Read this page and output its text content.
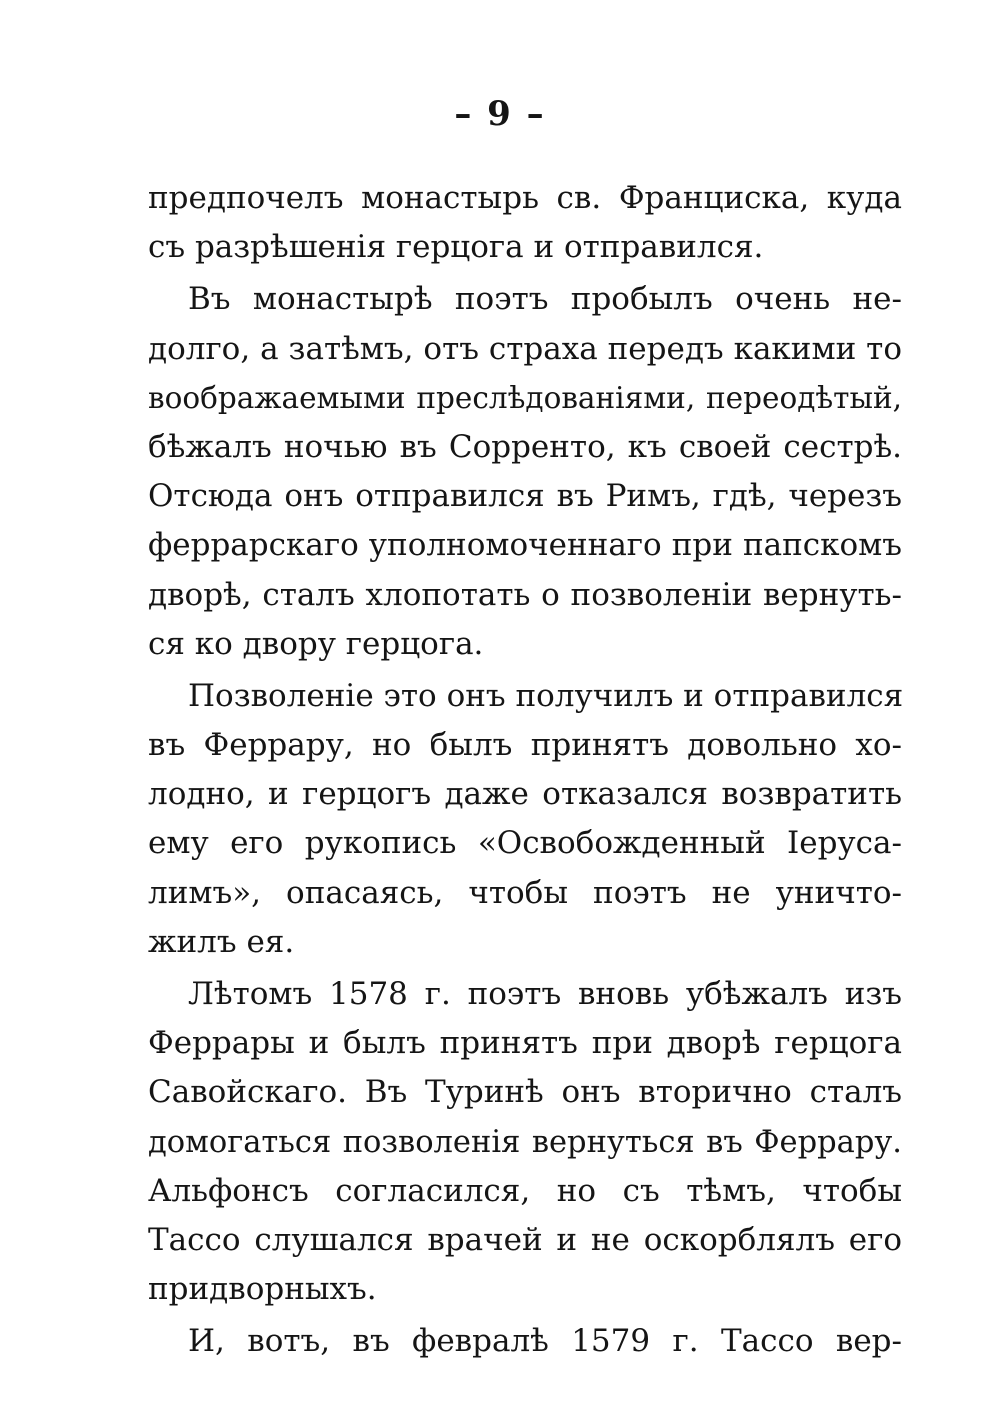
– 9 –
предпочелъ монастырь св. Франциска, куда
съ разрѣшенія герцога и отправился.
Въ монастырѣ поэтъ пробылъ очень не-
долго, а затѣмъ, отъ страха передъ какими то
воображаемыми преслѣдованіями, переодѣтый,
бѣжалъ ночью въ Сорренто, къ своей сестрѣ.
Отсюда онъ отправился въ Римъ, гдѣ, черезъ
феррарскаго уполномоченнаго при папскомъ
дворѣ, сталъ хлопотать о позволеніи вернуть-
ся ко двору герцога.
Позволеніе это онъ получилъ и отправился
въ Феррару, но былъ принятъ довольно хо-
лодно, и герцогъ даже отказался возвратить
ему его рукопись «Освобожденный Іеруса-
лимъ», опасаясь, чтобы поэтъ не уничто-
жилъ ея.
Лѣтомъ 1578 г. поэтъ вновь убѣжалъ изъ
Феррары и былъ принятъ при дворѣ герцога
Савойскаго. Въ Туринѣ онъ вторично сталъ
домогаться позволенія вернуться въ Феррару.
Альфонсъ согласился, но съ тѣмъ, чтобы
Тассо слушался врачей и не оскорблялъ его
придворныхъ.
И, вотъ, въ февралѣ 1579 г. Тассо вер-
